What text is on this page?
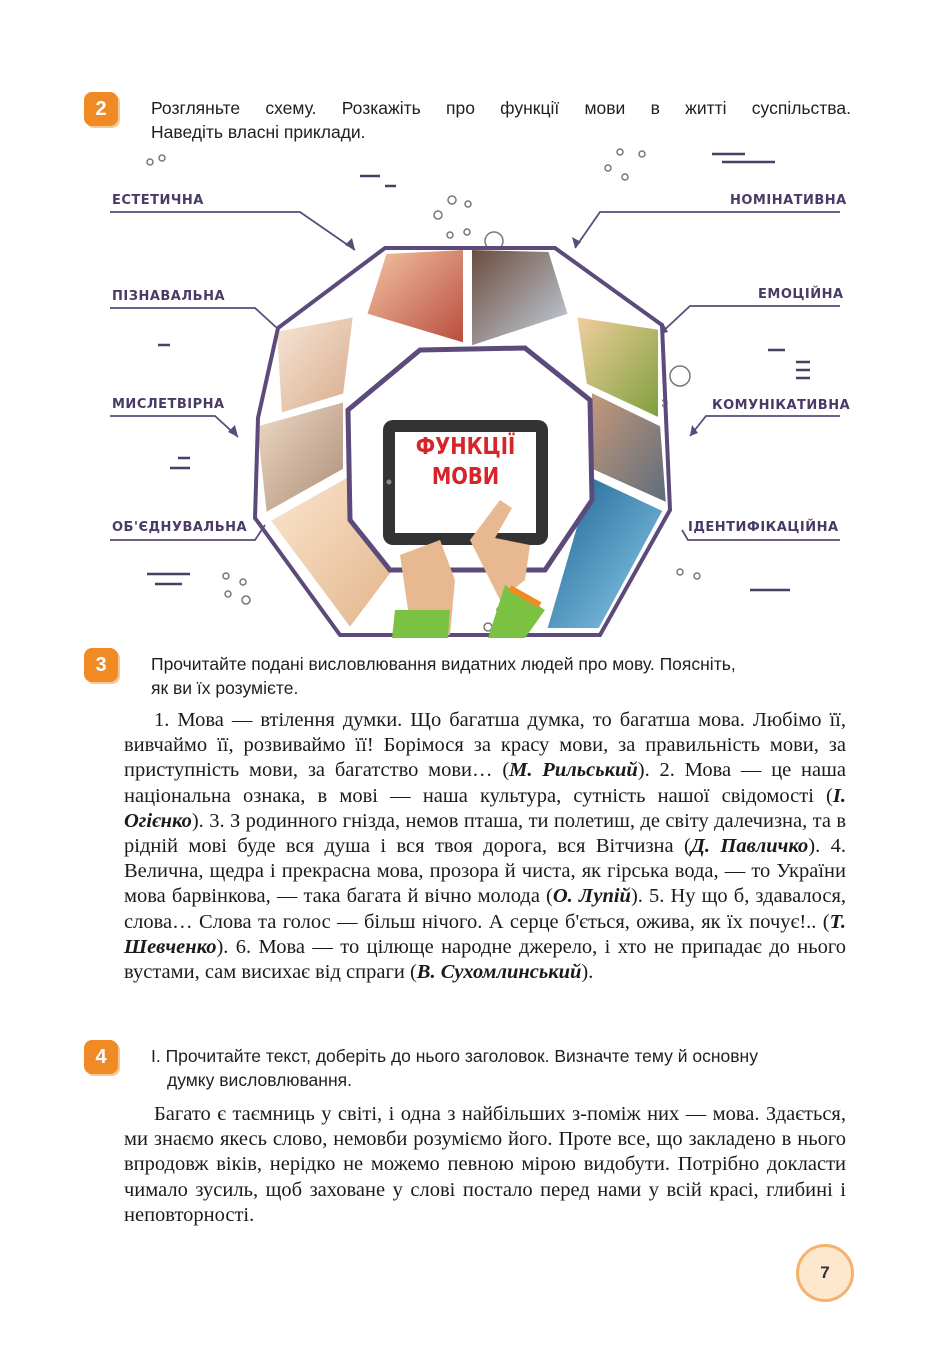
2	Розгляньте схему. Розкажіть про функції мови в житті суспільства.
Наведіть власні приклади.
ФУНКЦІЇ
МОВИ
ЕСТЕТИЧНА
ПІЗНАВАЛЬНА
МИСЛЕТВІРНА
ОБ'ЄДНУВАЛЬНА
НОМІНАТИВНА
ЕМОЦІЙНА
КОМУНІКАТИВНА
ІДЕНТИФІКАЦІЙНА
3	Прочитайте подані висловлювання видатних людей про мову. Поясніть,
як ви їх розумієте.
1. Мова — втілення думки. Що багатша думка, то багатша мова. Любімо її, вивчаймо її, розвиваймо її! Борімося за красу мови, за правильність мови, за приступність мови, за багатство мови… (М. Рильський). 2. Мова — це наша національна ознака, в мові — наша культура, сутність нашої свідомості (І. Огієнко). 3. З родинного гнізда, немов пташа, ти полетиш, де світу далечизна, та в рідній мові буде вся душа і вся твоя дорога, вся Вітчизна (Д. Павличко). 4. Велична, щедра і прекрасна мова, прозора й чиста, як гірська вода, — то України мова барвінкова, — така багата й вічно молода (О. Лупій). 5. Ну що б, здавалося, слова… Слова та голос — більш нічого. А серце б'ється, ожива, як їх почує!.. (Т. Шевченко). 6. Мова — то цілюще народне джерело, і хто не припадає до нього вустами, сам висихає від спраги (В. Сухомлинський).
4	І. Прочитайте текст, доберіть до нього заголовок. Визначте тему й основну
думку висловлювання.
Багато є таємниць у світі, і одна з найбільших з-поміж них — мова. Здається, ми знаємо якесь слово, немовби розуміємо його. Проте все, що закладено в нього впродовж віків, нерідко не можемо певною мірою видобути. Потрібно докласти чимало зусиль, щоб заховане у слові постало перед нами у всій красі, глибині і неповторності.
7
